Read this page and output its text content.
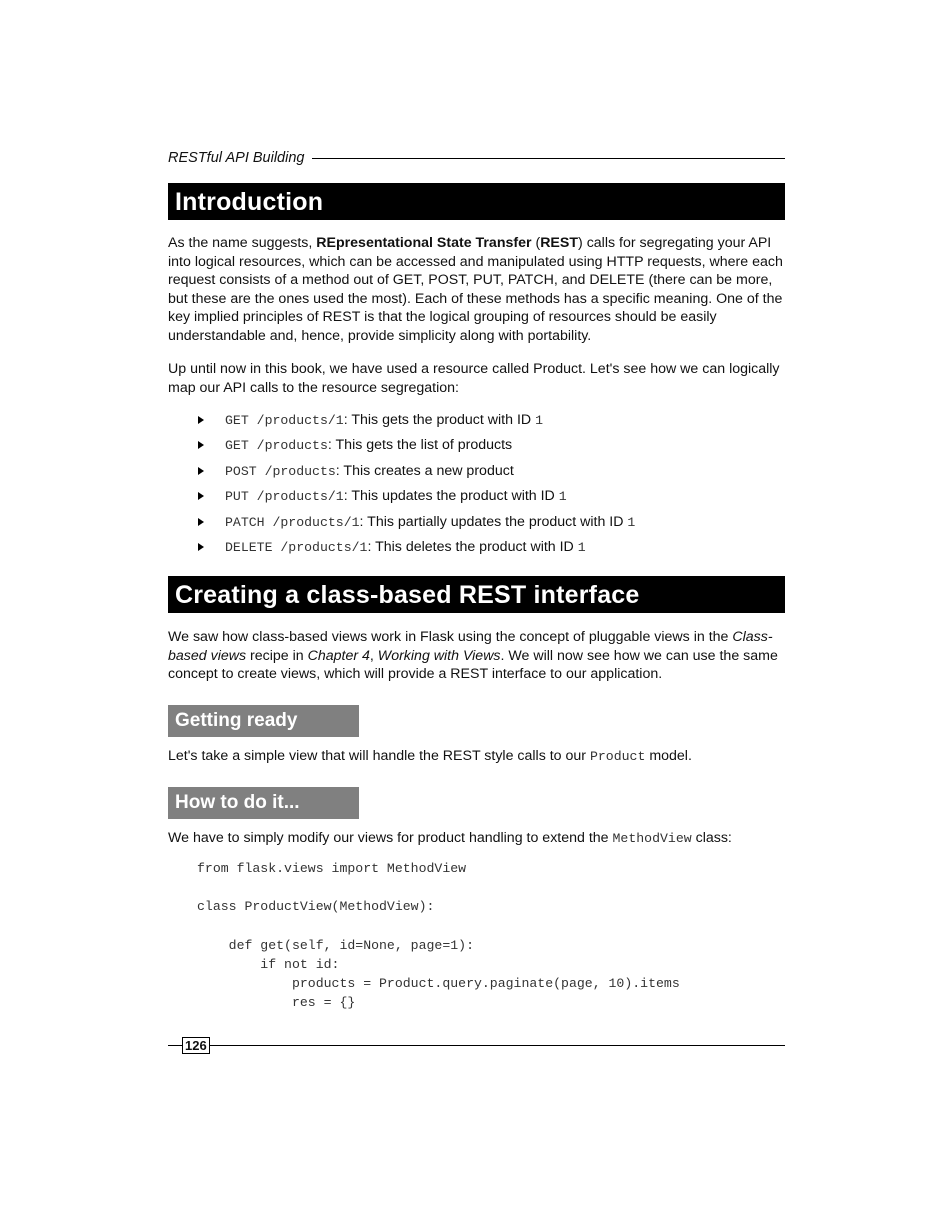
RESTful API Building
Introduction

As the name suggests, REpresentational State Transfer (REST) calls for segregating your API into logical resources, which can be accessed and manipulated using HTTP requests, where each request consists of a method out of GET, POST, PUT, PATCH, and DELETE (there can be more, but these are the ones used the most). Each of these methods has a specific meaning. One of the key implied principles of REST is that the logical grouping of resources should be easily understandable and, hence, provide simplicity along with portability.

Up until now in this book, we have used a resource called Product. Let's see how we can logically map our API calls to the resource segregation:

GET /products/1: This gets the product with ID 1
GET /products: This gets the list of products
POST /products: This creates a new product
PUT /products/1: This updates the product with ID 1
PATCH /products/1: This partially updates the product with ID 1
DELETE /products/1: This deletes the product with ID 1
Creating a class-based REST interface

We saw how class-based views work in Flask using the concept of pluggable views in the Class-based views recipe in Chapter 4, Working with Views. We will now see how we can use the same concept to create views, which will provide a REST interface to our application.

Getting ready

Let's take a simple view that will handle the REST style calls to our Product model.

How to do it...

We have to simply modify our views for product handling to extend the MethodView class:

from flask.views import MethodView

class ProductView(MethodView):

def get(self, id=None, page=1):
if not id:
products = Product.query.paginate(page, 10).items
res = {}
126
